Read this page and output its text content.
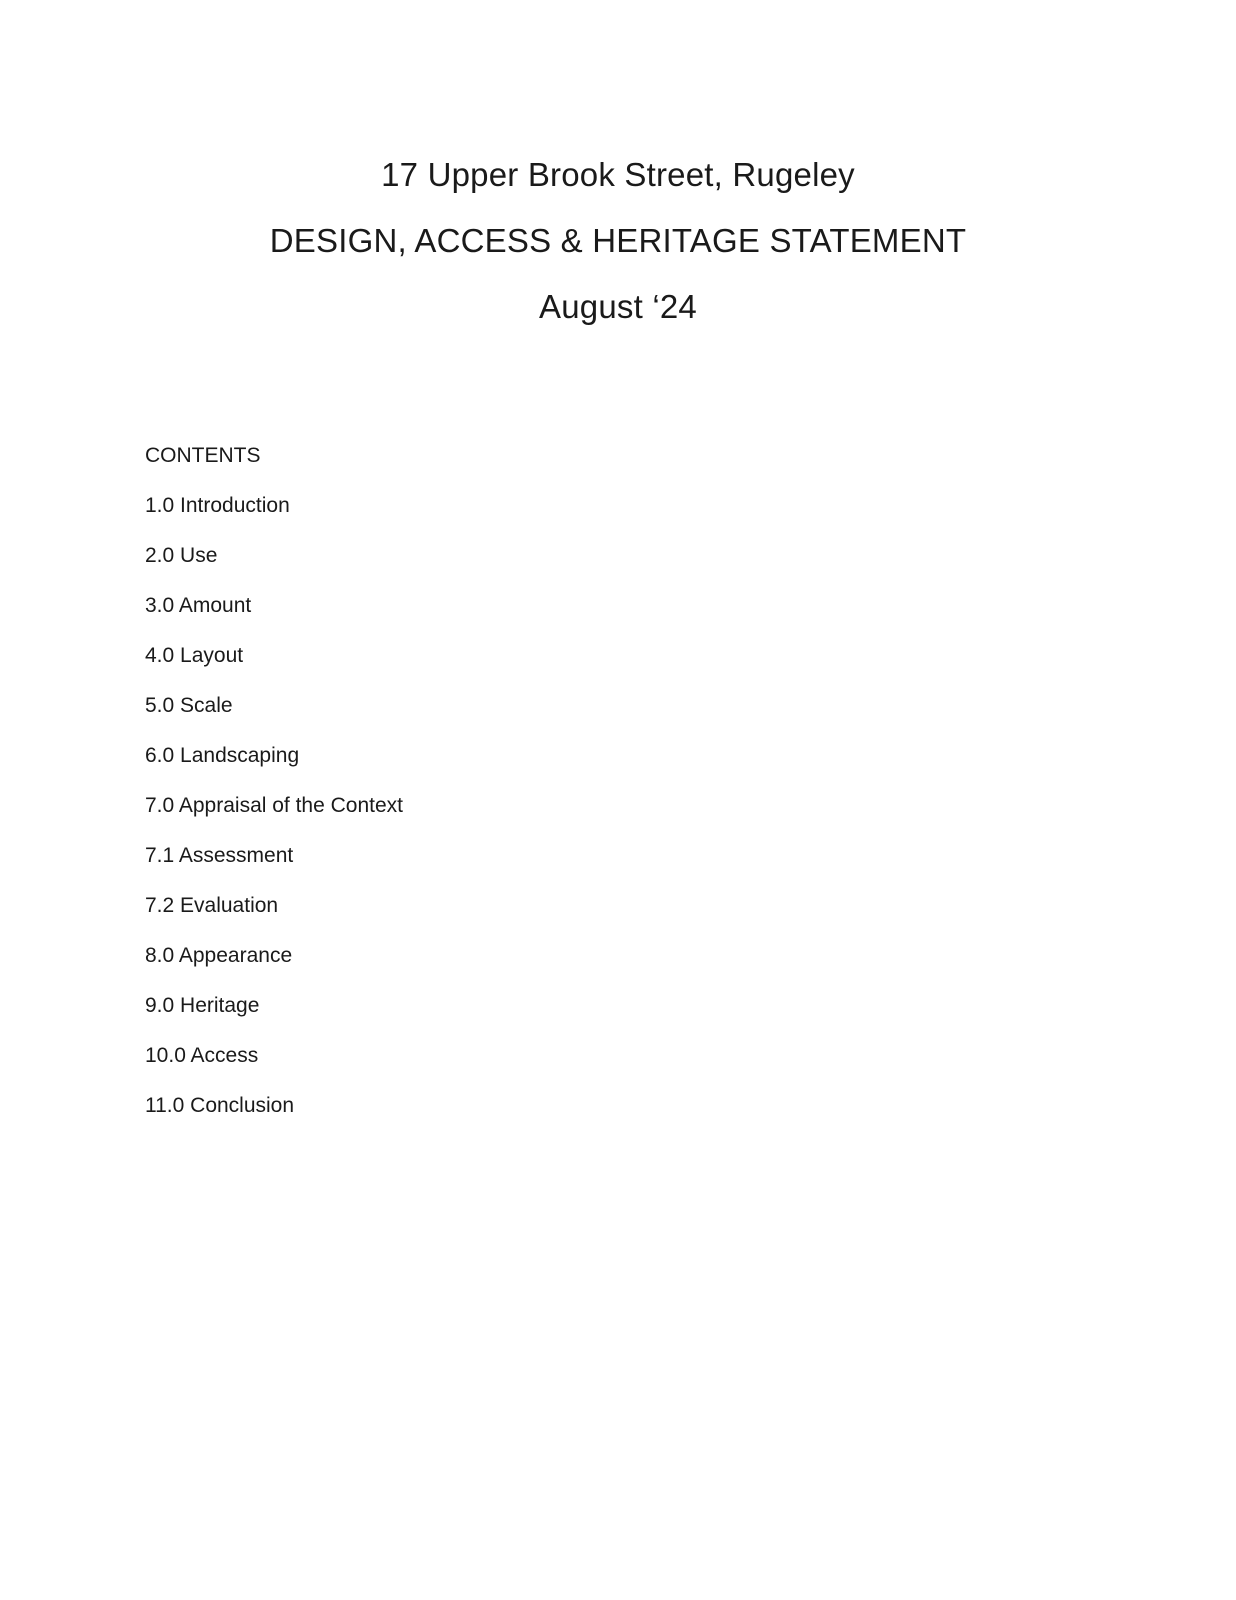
17 Upper Brook Street, Rugeley

DESIGN, ACCESS & HERITAGE STATEMENT

August ‘24

CONTENTS

1.0 Introduction
2.0 Use
3.0 Amount
4.0 Layout
5.0 Scale
6.0 Landscaping
7.0 Appraisal of the Context
7.1 Assessment
7.2 Evaluation
8.0 Appearance
9.0 Heritage
10.0 Access
11.0 Conclusion
